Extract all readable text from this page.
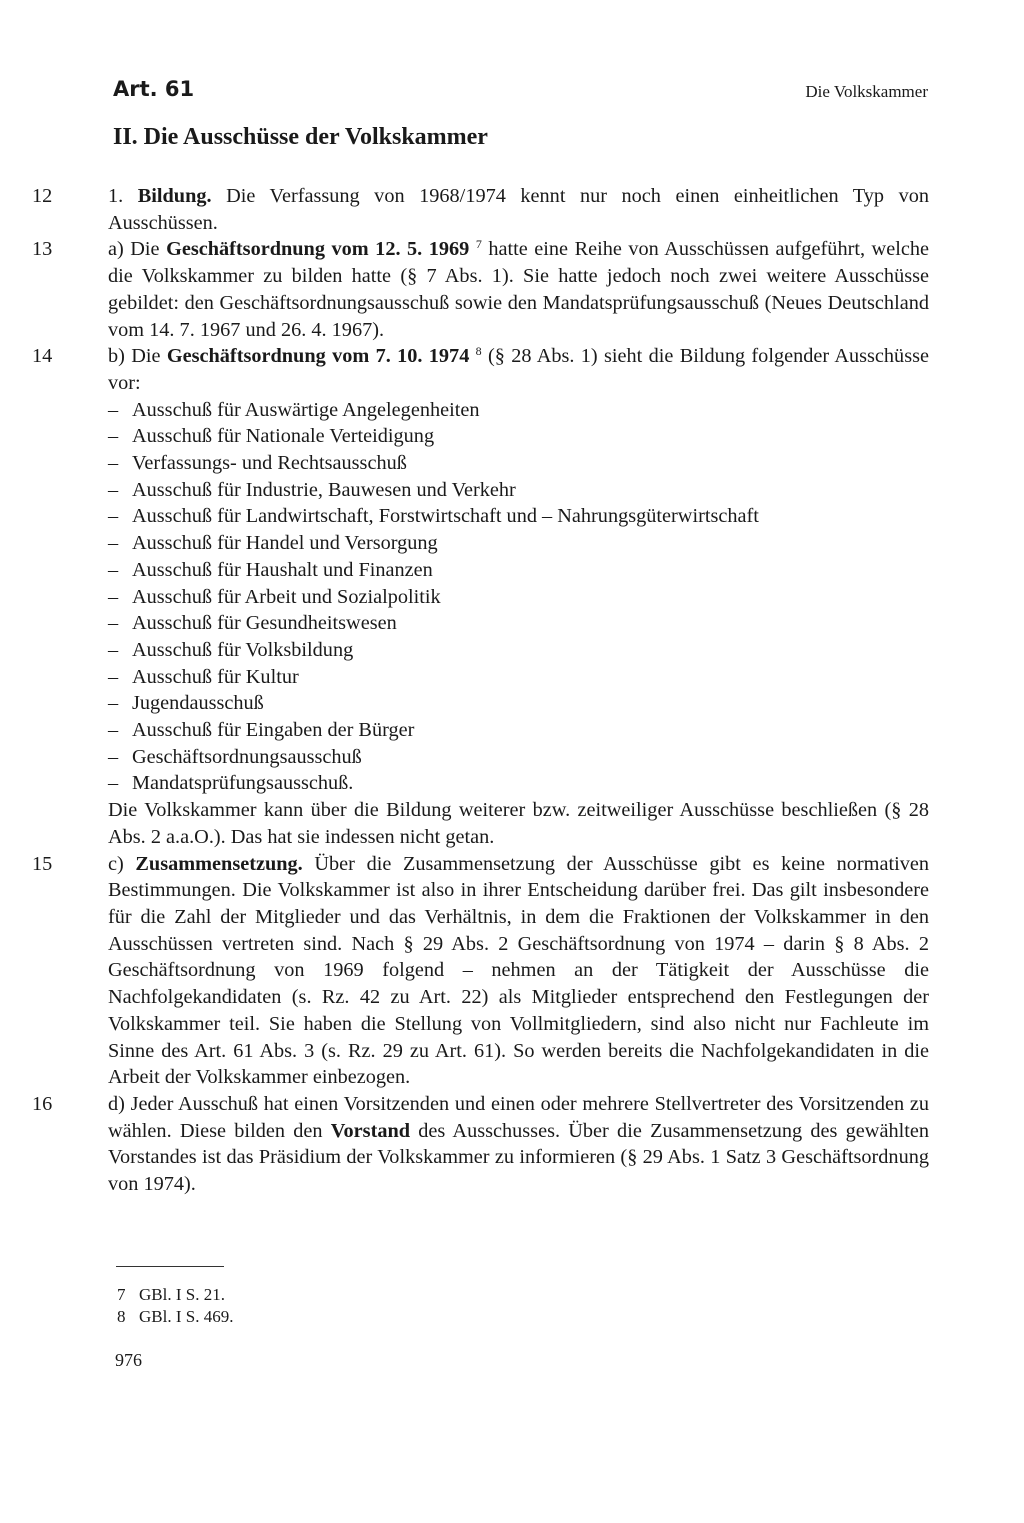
Art. 61	Die Volkskammer
II. Die Ausschüsse der Volkskammer
12	1. Bildung. Die Verfassung von 1968/1974 kennt nur noch einen einheitlichen Typ von Ausschüssen.
13	a) Die Geschäftsordnung vom 12. 5. 1969 $^7$ hatte eine Reihe von Ausschüssen aufgeführt, welche die Volkskammer zu bilden hatte (§ 7 Abs. 1). Sie hatte jedoch noch zwei weitere Ausschüsse gebildet: den Geschäftsordnungsausschuß sowie den Mandatsprüfungsausschuß (Neues Deutschland vom 14. 7. 1967 und 26. 4. 1967).
14	b) Die Geschäftsordnung vom 7. 10. 1974 $^8$ (§ 28 Abs. 1) sieht die Bildung folgender Ausschüsse vor:
– Ausschuß für Auswärtige Angelegenheiten
– Ausschuß für Nationale Verteidigung
– Verfassungs- und Rechtsausschuß
– Ausschuß für Industrie, Bauwesen und Verkehr
– Ausschuß für Landwirtschaft, Forstwirtschaft und – Nahrungsgüterwirtschaft
– Ausschuß für Handel und Versorgung
– Ausschuß für Haushalt und Finanzen
– Ausschuß für Arbeit und Sozialpolitik
– Ausschuß für Gesundheitswesen
– Ausschuß für Volksbildung
– Ausschuß für Kultur
– Jugendausschuß
– Ausschuß für Eingaben der Bürger
– Geschäftsordnungsausschuß
– Mandatsprüfungsausschuß.
Die Volkskammer kann über die Bildung weiterer bzw. zeitweiliger Ausschüsse beschließen (§ 28 Abs. 2 a.a.O.). Das hat sie indessen nicht getan.
15	c) Zusammensetzung. Über die Zusammensetzung der Ausschüsse gibt es keine normativen Bestimmungen. Die Volkskammer ist also in ihrer Entscheidung darüber frei. Das gilt insbesondere für die Zahl der Mitglieder und das Verhältnis, in dem die Fraktionen der Volkskammer in den Ausschüssen vertreten sind. Nach § 29 Abs. 2 Geschäftsordnung von 1974 – darin § 8 Abs. 2 Geschäftsordnung von 1969 folgend – nehmen an der Tätigkeit der Ausschüsse die Nachfolgekandidaten (s. Rz. 42 zu Art. 22) als Mitglieder entsprechend den Festlegungen der Volkskammer teil. Sie haben die Stellung von Vollmitgliedern, sind also nicht nur Fachleute im Sinne des Art. 61 Abs. 3 (s. Rz. 29 zu Art. 61). So werden bereits die Nachfolgekandidaten in die Arbeit der Volkskammer einbezogen.
16	d) Jeder Ausschuß hat einen Vorsitzenden und einen oder mehrere Stellvertreter des Vorsitzenden zu wählen. Diese bilden den Vorstand des Ausschusses. Über die Zusammensetzung des gewählten Vorstandes ist das Präsidium der Volkskammer zu informieren (§ 29 Abs. 1 Satz 3 Geschäftsordnung von 1974).
7 GBl. I S. 21.
8 GBl. I S. 469.
976
